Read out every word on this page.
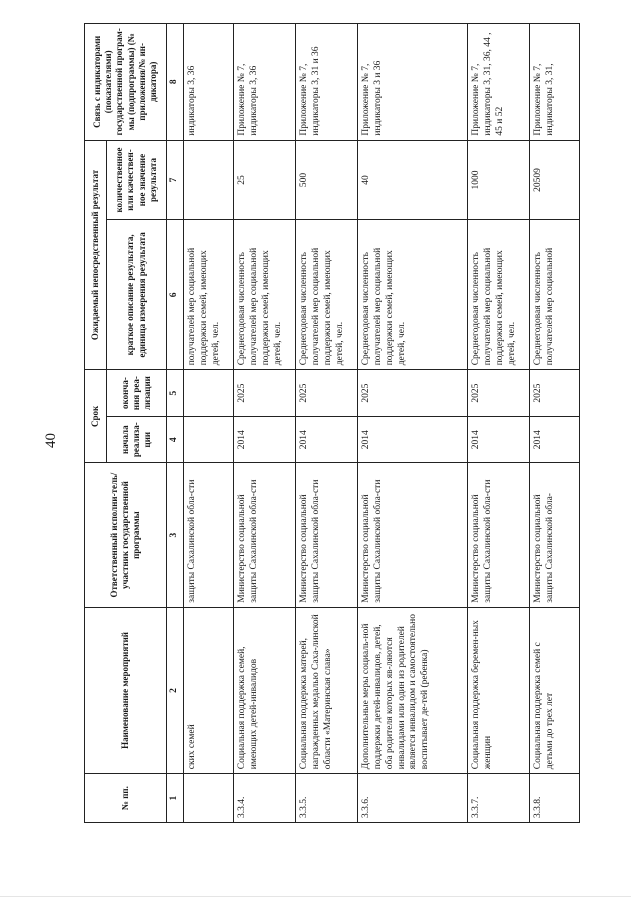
40
№ пп.	Наименование мероприятий	Ответственный исполни-тель/участник государственной программы	Срок		Ожидаемый непосредственный результат		Связь с индикаторами (показателями) государственной програм-мы (подпрограммы) (№ приложения/№ ин-дикатора)
			начала реализа-ции	оконча-ния реа-лизации	краткое описание результата, единица измерения результата	количественное или качествен-ное значение результата	
1	2	3	4	5	6	7	8
	ских семей	защиты Сахалинской обла-сти			получателей мер социальной поддержки семей, имеющих детей, чел.		индикаторы 3, 36
3.3.4.	Социальная поддержка семей, имеющих детей-инвалидов	Министерство социальной защиты Сахалинской обла-сти	2014	2025	Среднегодовая численность получателей мер социальной поддержки семей, имеющих детей, чел.	25	Приложение № 7, индикаторы 3, 36
3.3.5.	Социальная поддержка матерей, награжденных медалью Саха-линской области «Материнская слава»	Министерство социальной защиты Сахалинской обла-сти	2014	2025	Среднегодовая численность получателей мер социальной поддержки семей, имеющих детей, чел.	500	Приложение № 7, индикаторы 3, 31 и 36
3.3.6.	Дополнительные меры социаль-ной поддержки детей-инвалидов, детей, оба родителя которых яв-ляются инвалидами или один из родителей является инвалидом и самостоятельно воспитывает де-тей (ребенка)	Министерство социальной защиты Сахалинской обла-сти	2014	2025	Среднегодовая численность получателей мер социальной поддержки семей, имеющих детей, чел.	40	Приложение № 7, индикаторы 3 и 36
3.3.7.	Социальная поддержка беремен-ных женщин	Министерство социальной защиты Сахалинской обла-сти	2014	2025	Среднегодовая численность получателей мер социальной поддержки семей, имеющих детей, чел.	1000	Приложение № 7, индикаторы 3, 31, 36, 44 , 45 и 52
3.3.8.	Социальная поддержка семей с детьми до трех лет	Министерство социальной защиты Сахалинской обла-	2014	2025	Среднегодовая численность получателей мер социальной	20509	Приложение № 7, индикаторы 3, 31,
